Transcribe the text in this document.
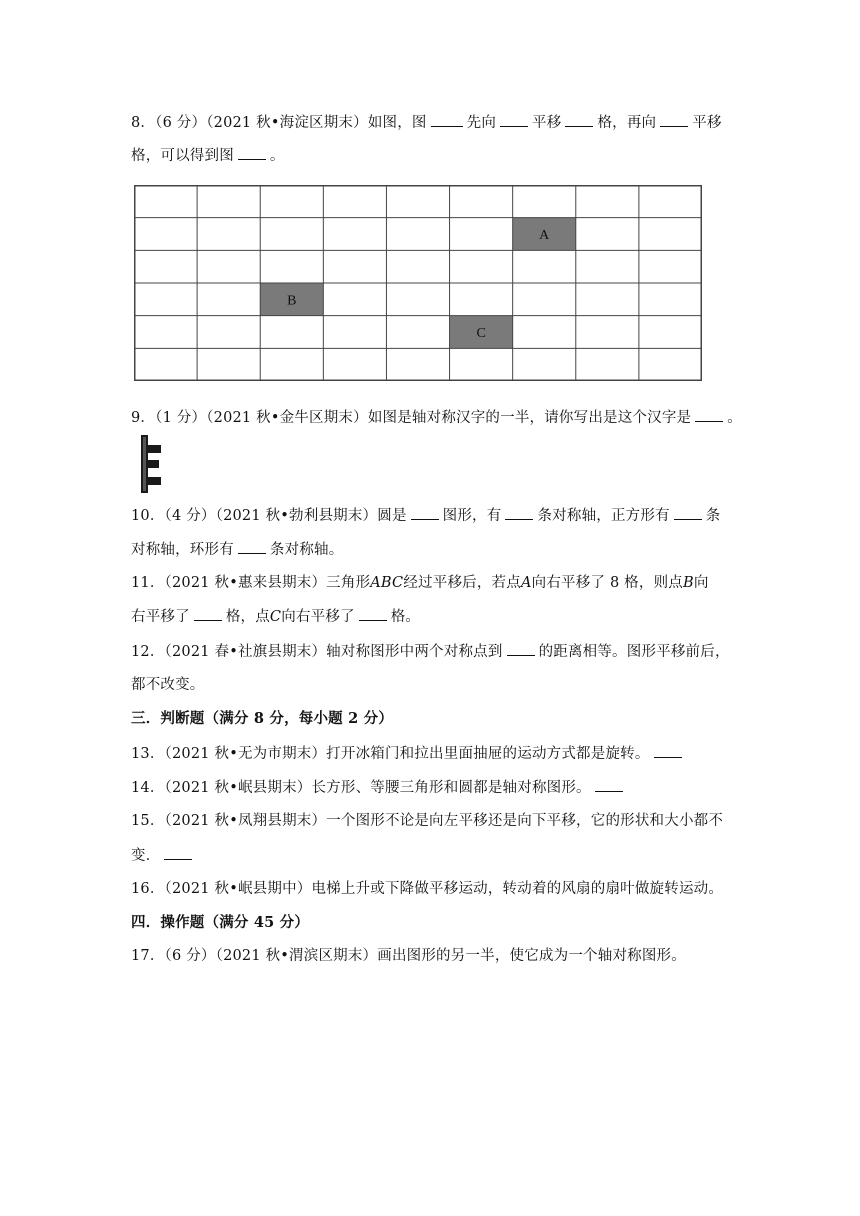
8．（6 分）（2021 秋•海淀区期末）如图，图	先向 平移 格，再向 平移
格，可以得到图 。
A
B
C
9．（1 分）（2021 秋•金牛区期末）如图是轴对称汉字的一半，请你写出是这个汉字是 。
10．（4 分）（2021 秋•勃利县期末）圆是 图形，有 条对称轴，正方形有 条
对称轴，环形有 条对称轴。
11．（2021 秋•惠来县期末）三角形ABC经过平移后，若点A向右平移了 8 格，则点B向
右平移了 格，点C向右平移了 格。
12．（2021 春•社旗县期末）轴对称图形中两个对称点到 的距离相等。图形平移前后，
都不改变。
三．判断题（满分 8 分，每小题 2 分）
13．（2021 秋•无为市期末）打开冰箱门和拉出里面抽屉的运动方式都是旋转。
14．（2021 秋•岷县期末）长方形、等腰三角形和圆都是轴对称图形。
15．（2021 秋•凤翔县期末）一个图形不论是向左平移还是向下平移，它的形状和大小都不
变．
16．（2021 秋•岷县期中）电梯上升或下降做平移运动，转动着的风扇的扇叶做旋转运动。
四．操作题（满分 45 分）
17．（6 分）（2021 秋•渭滨区期末）画出图形的另一半，使它成为一个轴对称图形。
